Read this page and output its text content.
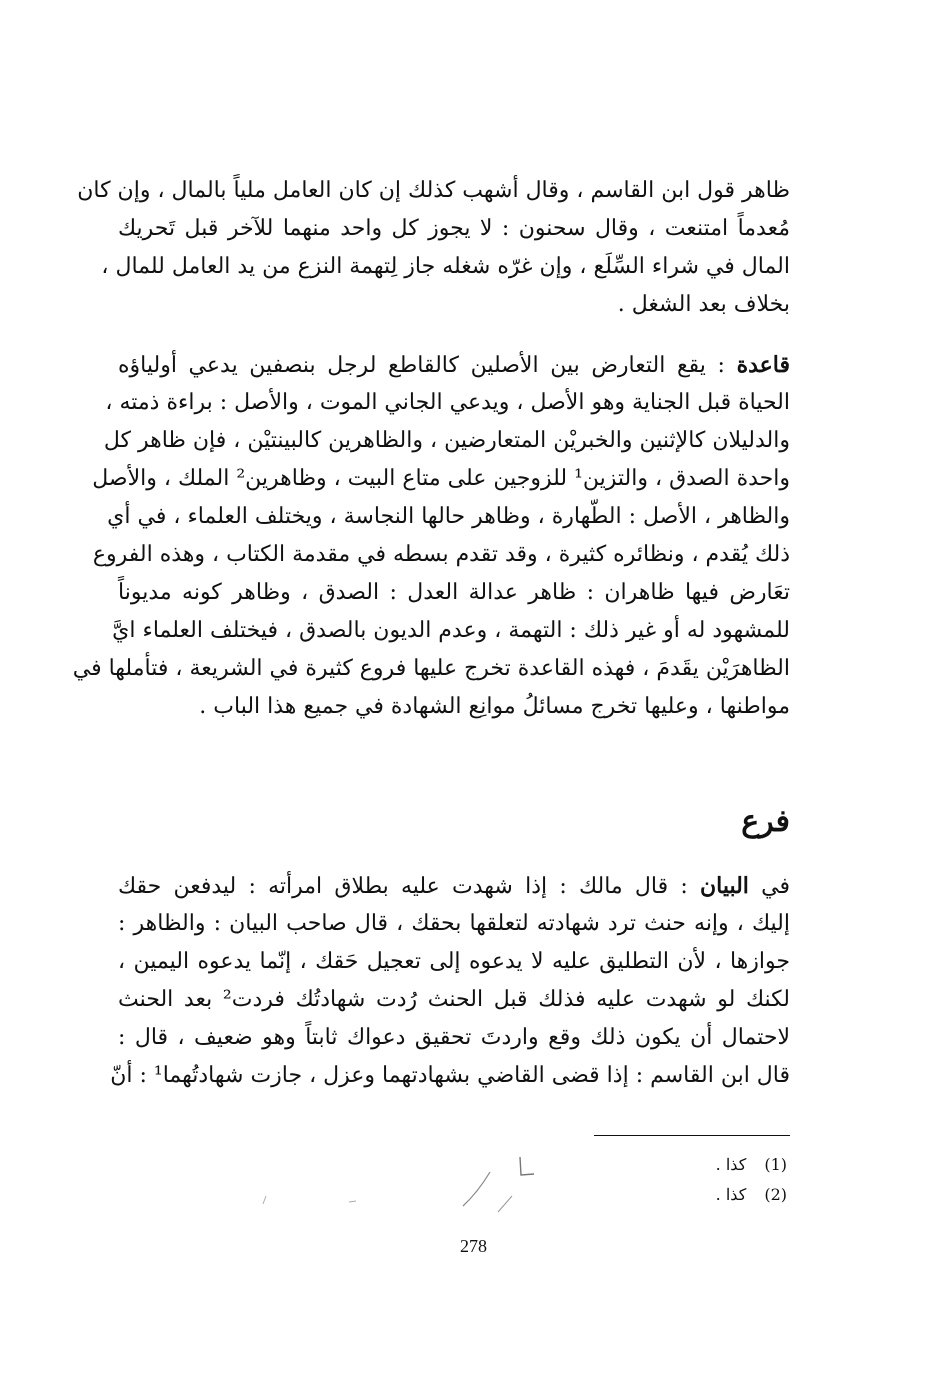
ظاهر قول ابن القاسم ، وقال أشهب كذلك إن كان العامل ملياً بالمال ، وإن كان
مُعدماً امتنعت ، وقال سحنون : لا يجوز كل واحد منهما للآخر قبل تَحريك
المال في شراء السِّلَع ، وإن غرّه شغله جاز لِتهمة النزع من يد العامل للمال ،
بخلاف بعد الشغل .
قاعدة : يقع التعارض بين الأصلين كالقاطع لرجل بنصفين يدعي أولياؤه
الحياة قبل الجناية وهو الأصل ، ويدعي الجاني الموت ، والأصل : براءة ذمته ،
والدليلان كالإثنين والخبريْن المتعارضين ، والظاهرين كالبينتيْن ، فإن ظاهر كل
واحدة الصدق ، والتزين¹ للزوجين على متاع البيت ، وظاهرين² الملك ، والأصل
والظاهر ، الأصل : الطّهارة ، وظاهر حالها النجاسة ، ويختلف العلماء ، في أي
ذلك يُقدم ، ونظائره كثيرة ، وقد تقدم بسطه في مقدمة الكتاب ، وهذه الفروع
تعَارض فيها ظاهران : ظاهر عدالة العدل : الصدق ، وظاهر كونه مديوناً
للمشهود له أو غير ذلك : التهمة ، وعدم الديون بالصدق ، فيختلف العلماء ايَّ
الظاهرَيْن يقَدمَ ، فهذه القاعدة تخرج عليها فروع كثيرة في الشريعة ، فتأملها في
مواطنها ، وعليها تخرج مسائلُ موانِع الشهادة في جميع هذا الباب .
فرع
في البيان : قال مالك : إذا شهدت عليه بطلاق امرأته : ليدفعن حقك
إليك ، وإنه حنث ترد شهادته لتعلقها بحقك ، قال صاحب البيان : والظاهر :
جوازها ، لأن التطليق عليه لا يدعوه إلى تعجيل حَقك ، إنّما يدعوه اليمين ،
لكنك لو شهدت عليه فذلك قبل الحنث رُدت شهادتُك فردت² بعد الحنث
لاحتمال أن يكون ذلك وقع واردتَ تحقيق دعواك ثابتاً وهو ضعيف ، قال :
قال ابن القاسم : إذا قضى القاضي بشهادتهما وعزل ، جازت شهادتُهما¹ : أنّ
(1)كذا .
(2)كذا .
278
